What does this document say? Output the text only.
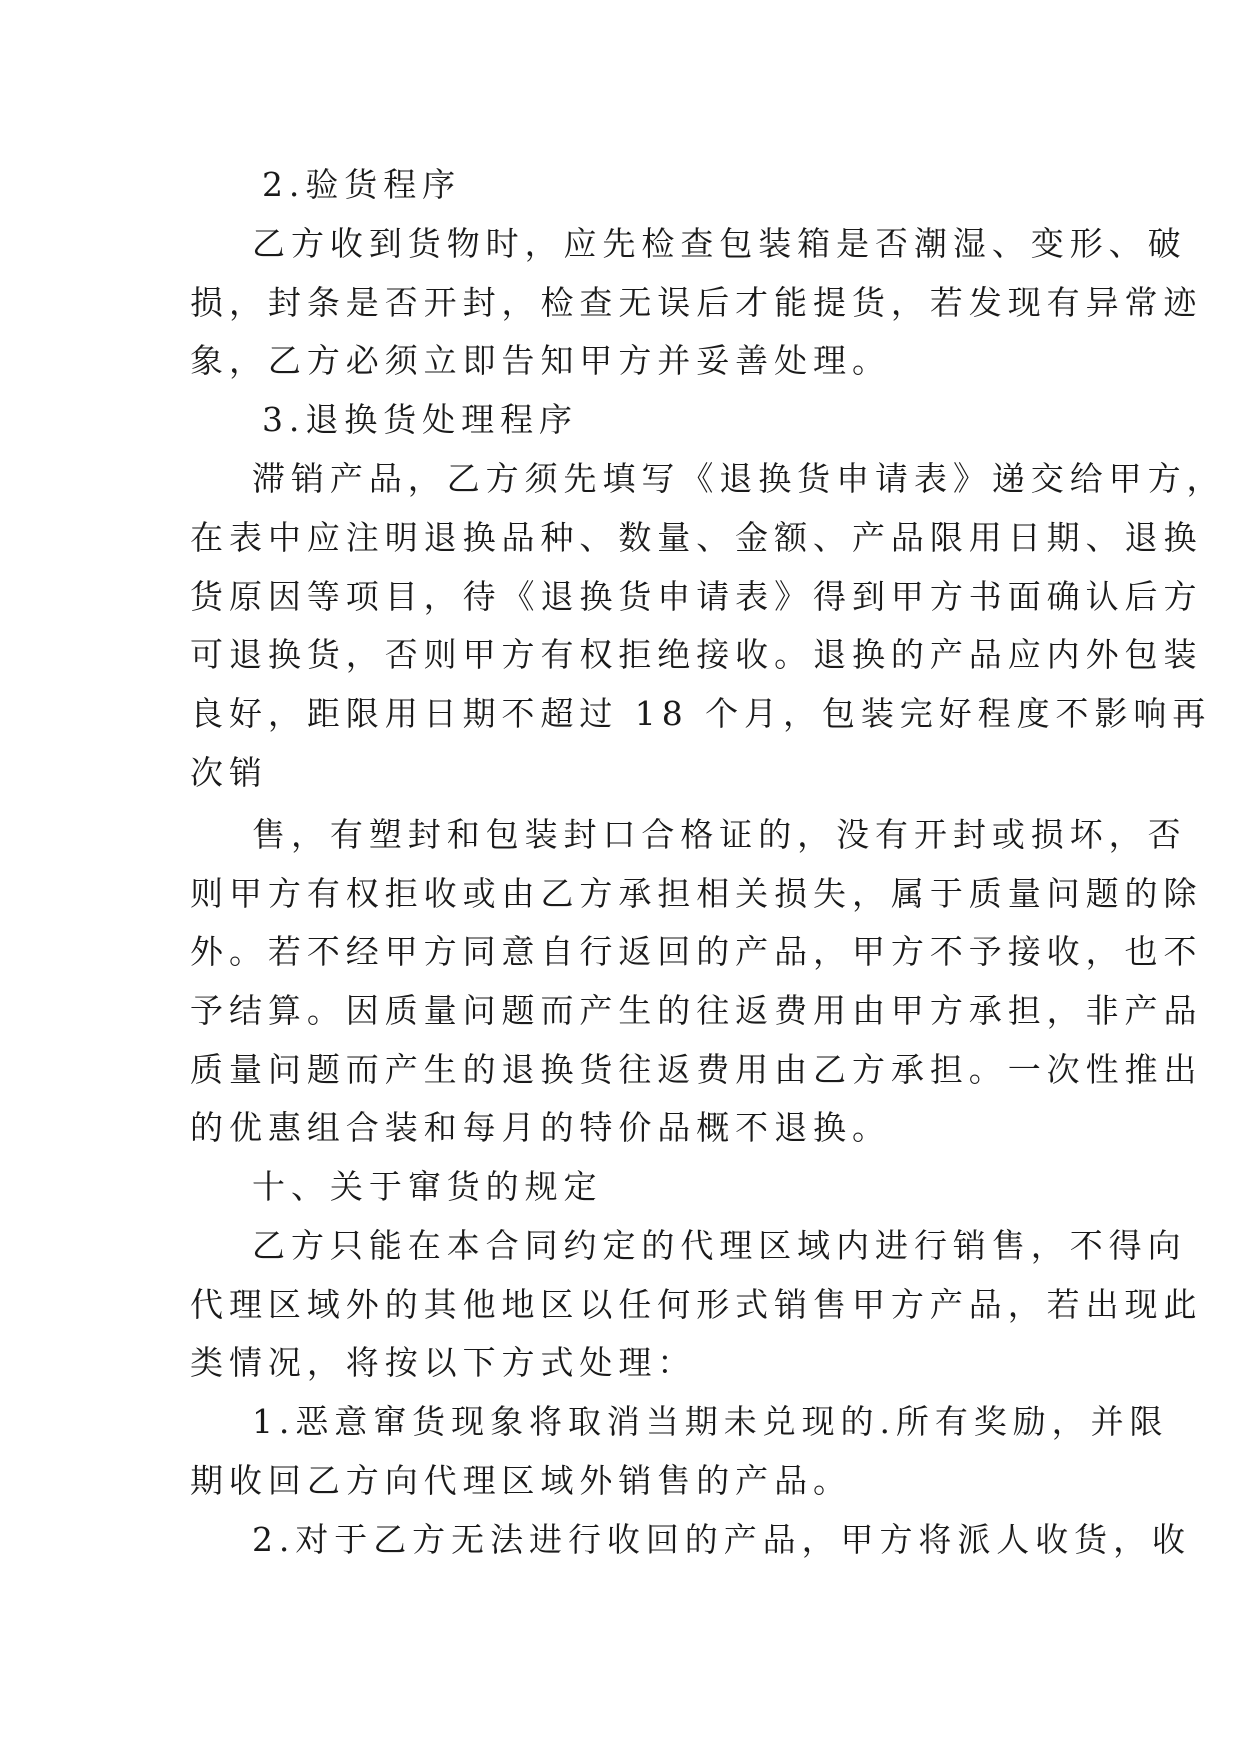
2.验货程序
乙方收到货物时，应先检查包装箱是否潮湿、变形、破
损，封条是否开封，检查无误后才能提货，若发现有异常迹
象，乙方必须立即告知甲方并妥善处理。
3.退换货处理程序
滞销产品，乙方须先填写《退换货申请表》递交给甲方，
在表中应注明退换品种、数量、金额、产品限用日期、退换
货原因等项目，待《退换货申请表》得到甲方书面确认后方
可退换货，否则甲方有权拒绝接收。退换的产品应内外包装
良好，距限用日期不超过 18 个月，包装完好程度不影响再
次销
售，有塑封和包装封口合格证的，没有开封或损坏，否
则甲方有权拒收或由乙方承担相关损失，属于质量问题的除
外。若不经甲方同意自行返回的产品，甲方不予接收，也不
予结算。因质量问题而产生的往返费用由甲方承担，非产品
质量问题而产生的退换货往返费用由乙方承担。一次性推出
的优惠组合装和每月的特价品概不退换。
十、关于窜货的规定
乙方只能在本合同约定的代理区域内进行销售，不得向
代理区域外的其他地区以任何形式销售甲方产品，若出现此
类情况，将按以下方式处理：
1.恶意窜货现象将取消当期未兑现的.所有奖励，并限
期收回乙方向代理区域外销售的产品。
2.对于乙方无法进行收回的产品，甲方将派人收货，收
